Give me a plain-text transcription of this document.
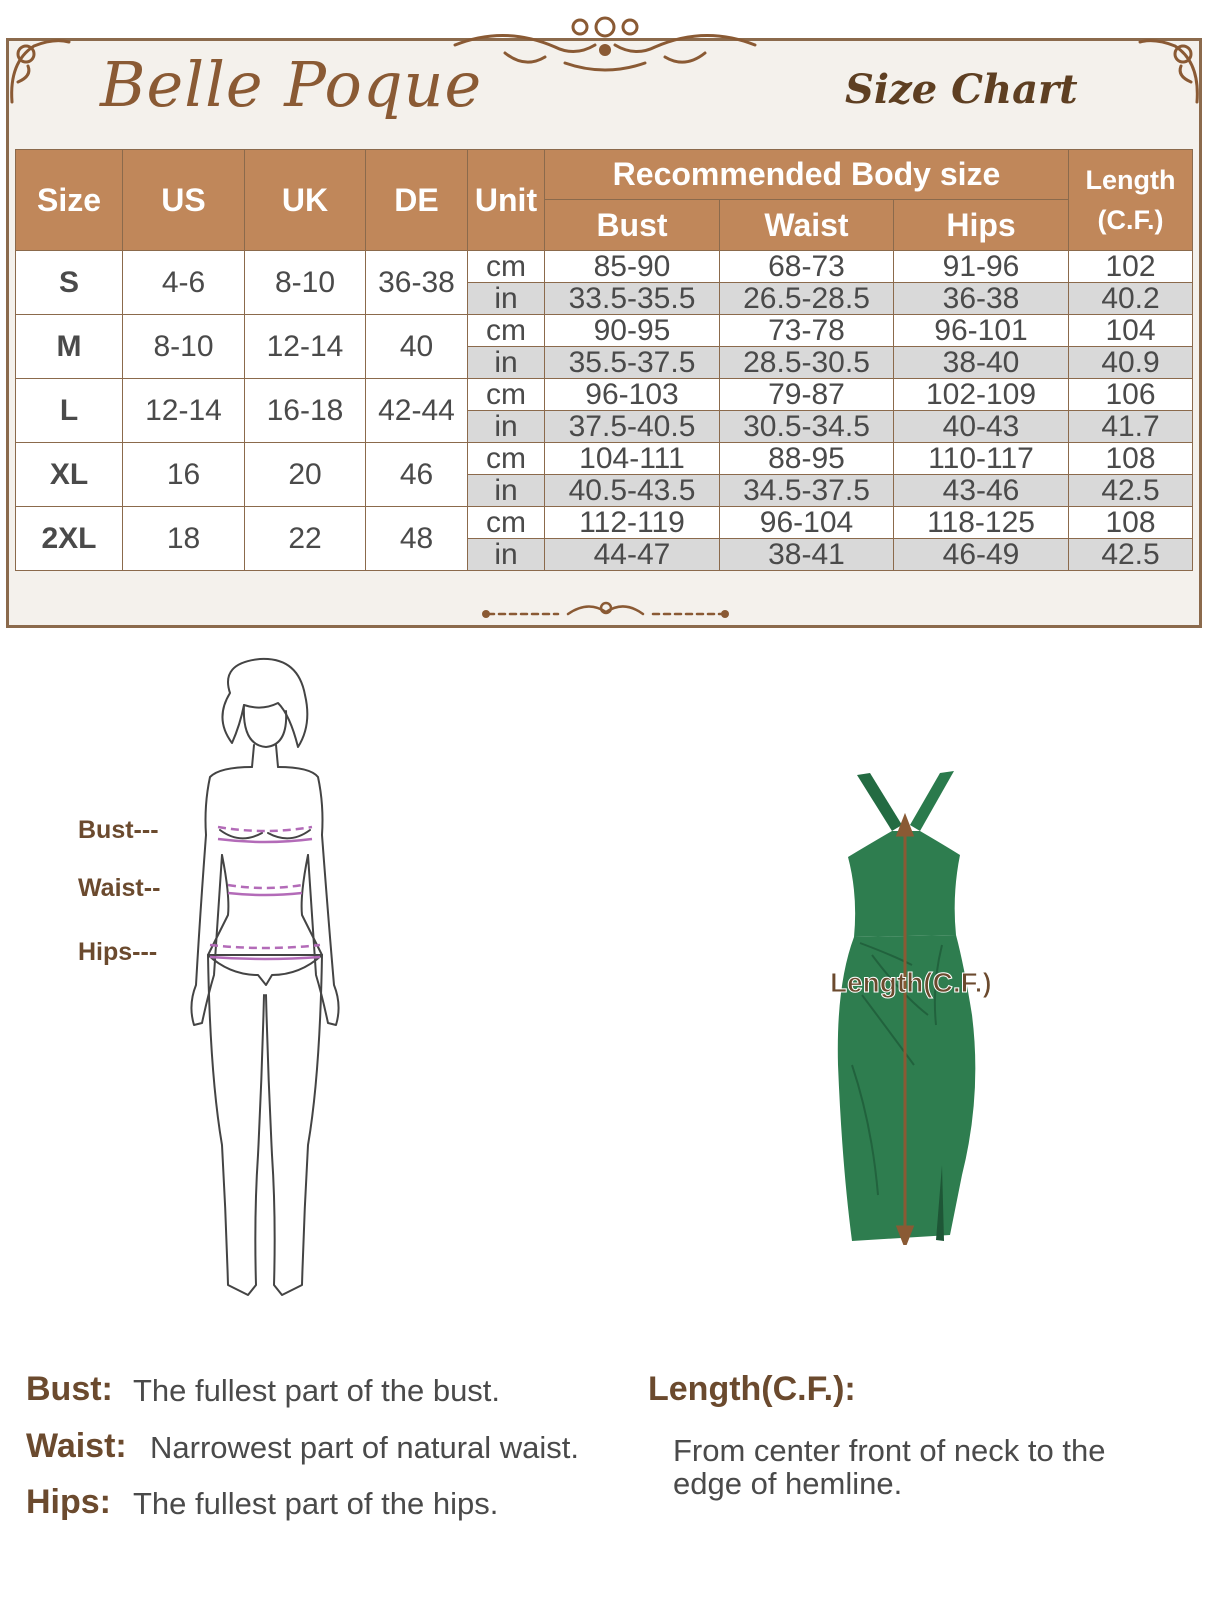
Belle Poque	Size Chart
Size	US	UK	DE	Unit	Recommended Body size			Length
(C.F.)

					Bust	Waist	Hips	
S	4-6	8-10	36-38	cm	85-90	68-73	91-96	102
				in	33.5-35.5	26.5-28.5	36-38	40.2
M	8-10	12-14	40	cm	90-95	73-78	96-101	104
				in	35.5-37.5	28.5-30.5	38-40	40.9
L	12-14	16-18	42-44	cm	96-103	79-87	102-109	106
				in	37.5-40.5	30.5-34.5	40-43	41.7
XL	16	20	46	cm	104-111	88-95	110-117	108
				in	40.5-43.5	34.5-37.5	43-46	42.5
2XL	18	22	48	cm	112-119	96-104	118-125	108
				in	44-47	38-41	46-49	42.5
Bust---
Waist--
Hips---
Length(C.F.)
Bust: The fullest part of the bust.
Waist: Narrowest part of natural waist.
Hips: The fullest part of the hips.
Length(C.F.):
From center front of neck to the
edge of hemline.
